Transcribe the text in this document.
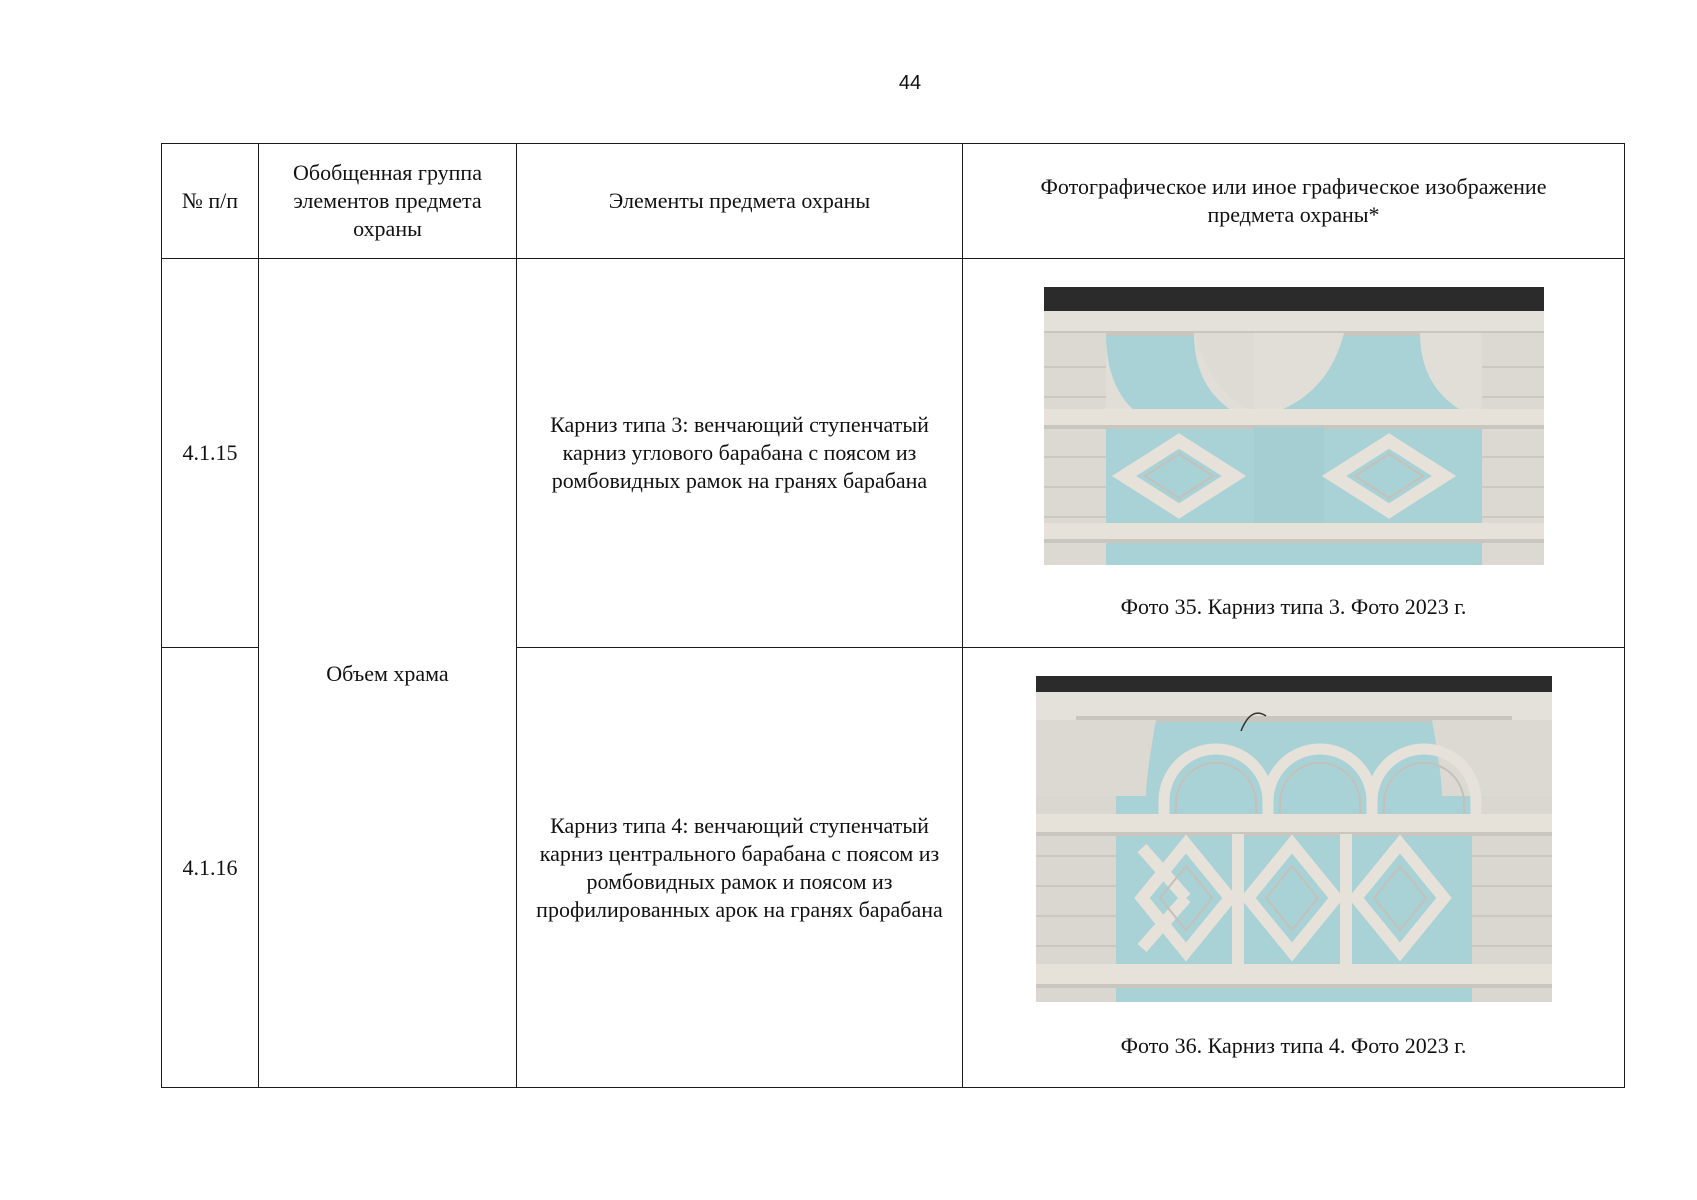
44
№ п/п	Обобщенная группа элементов предмета охраны	Элементы предмета охраны	Фотографическое или иное графическое изображение предмета охраны*
4.1.15	Объем храма	Карниз типа 3: венчающий ступенчатый карниз углового барабана с поясом из ромбовидных рамок на гранях барабана	Фото 35. Карниз типа 3. Фото 2023 г.

4.1.16		Карниз типа 4: венчающий ступенчатый карниз центрального барабана с поясом из ромбовидных рамок и поясом из профилированных арок на гранях барабана	Фото 36. Карниз типа 4. Фото 2023 г.
